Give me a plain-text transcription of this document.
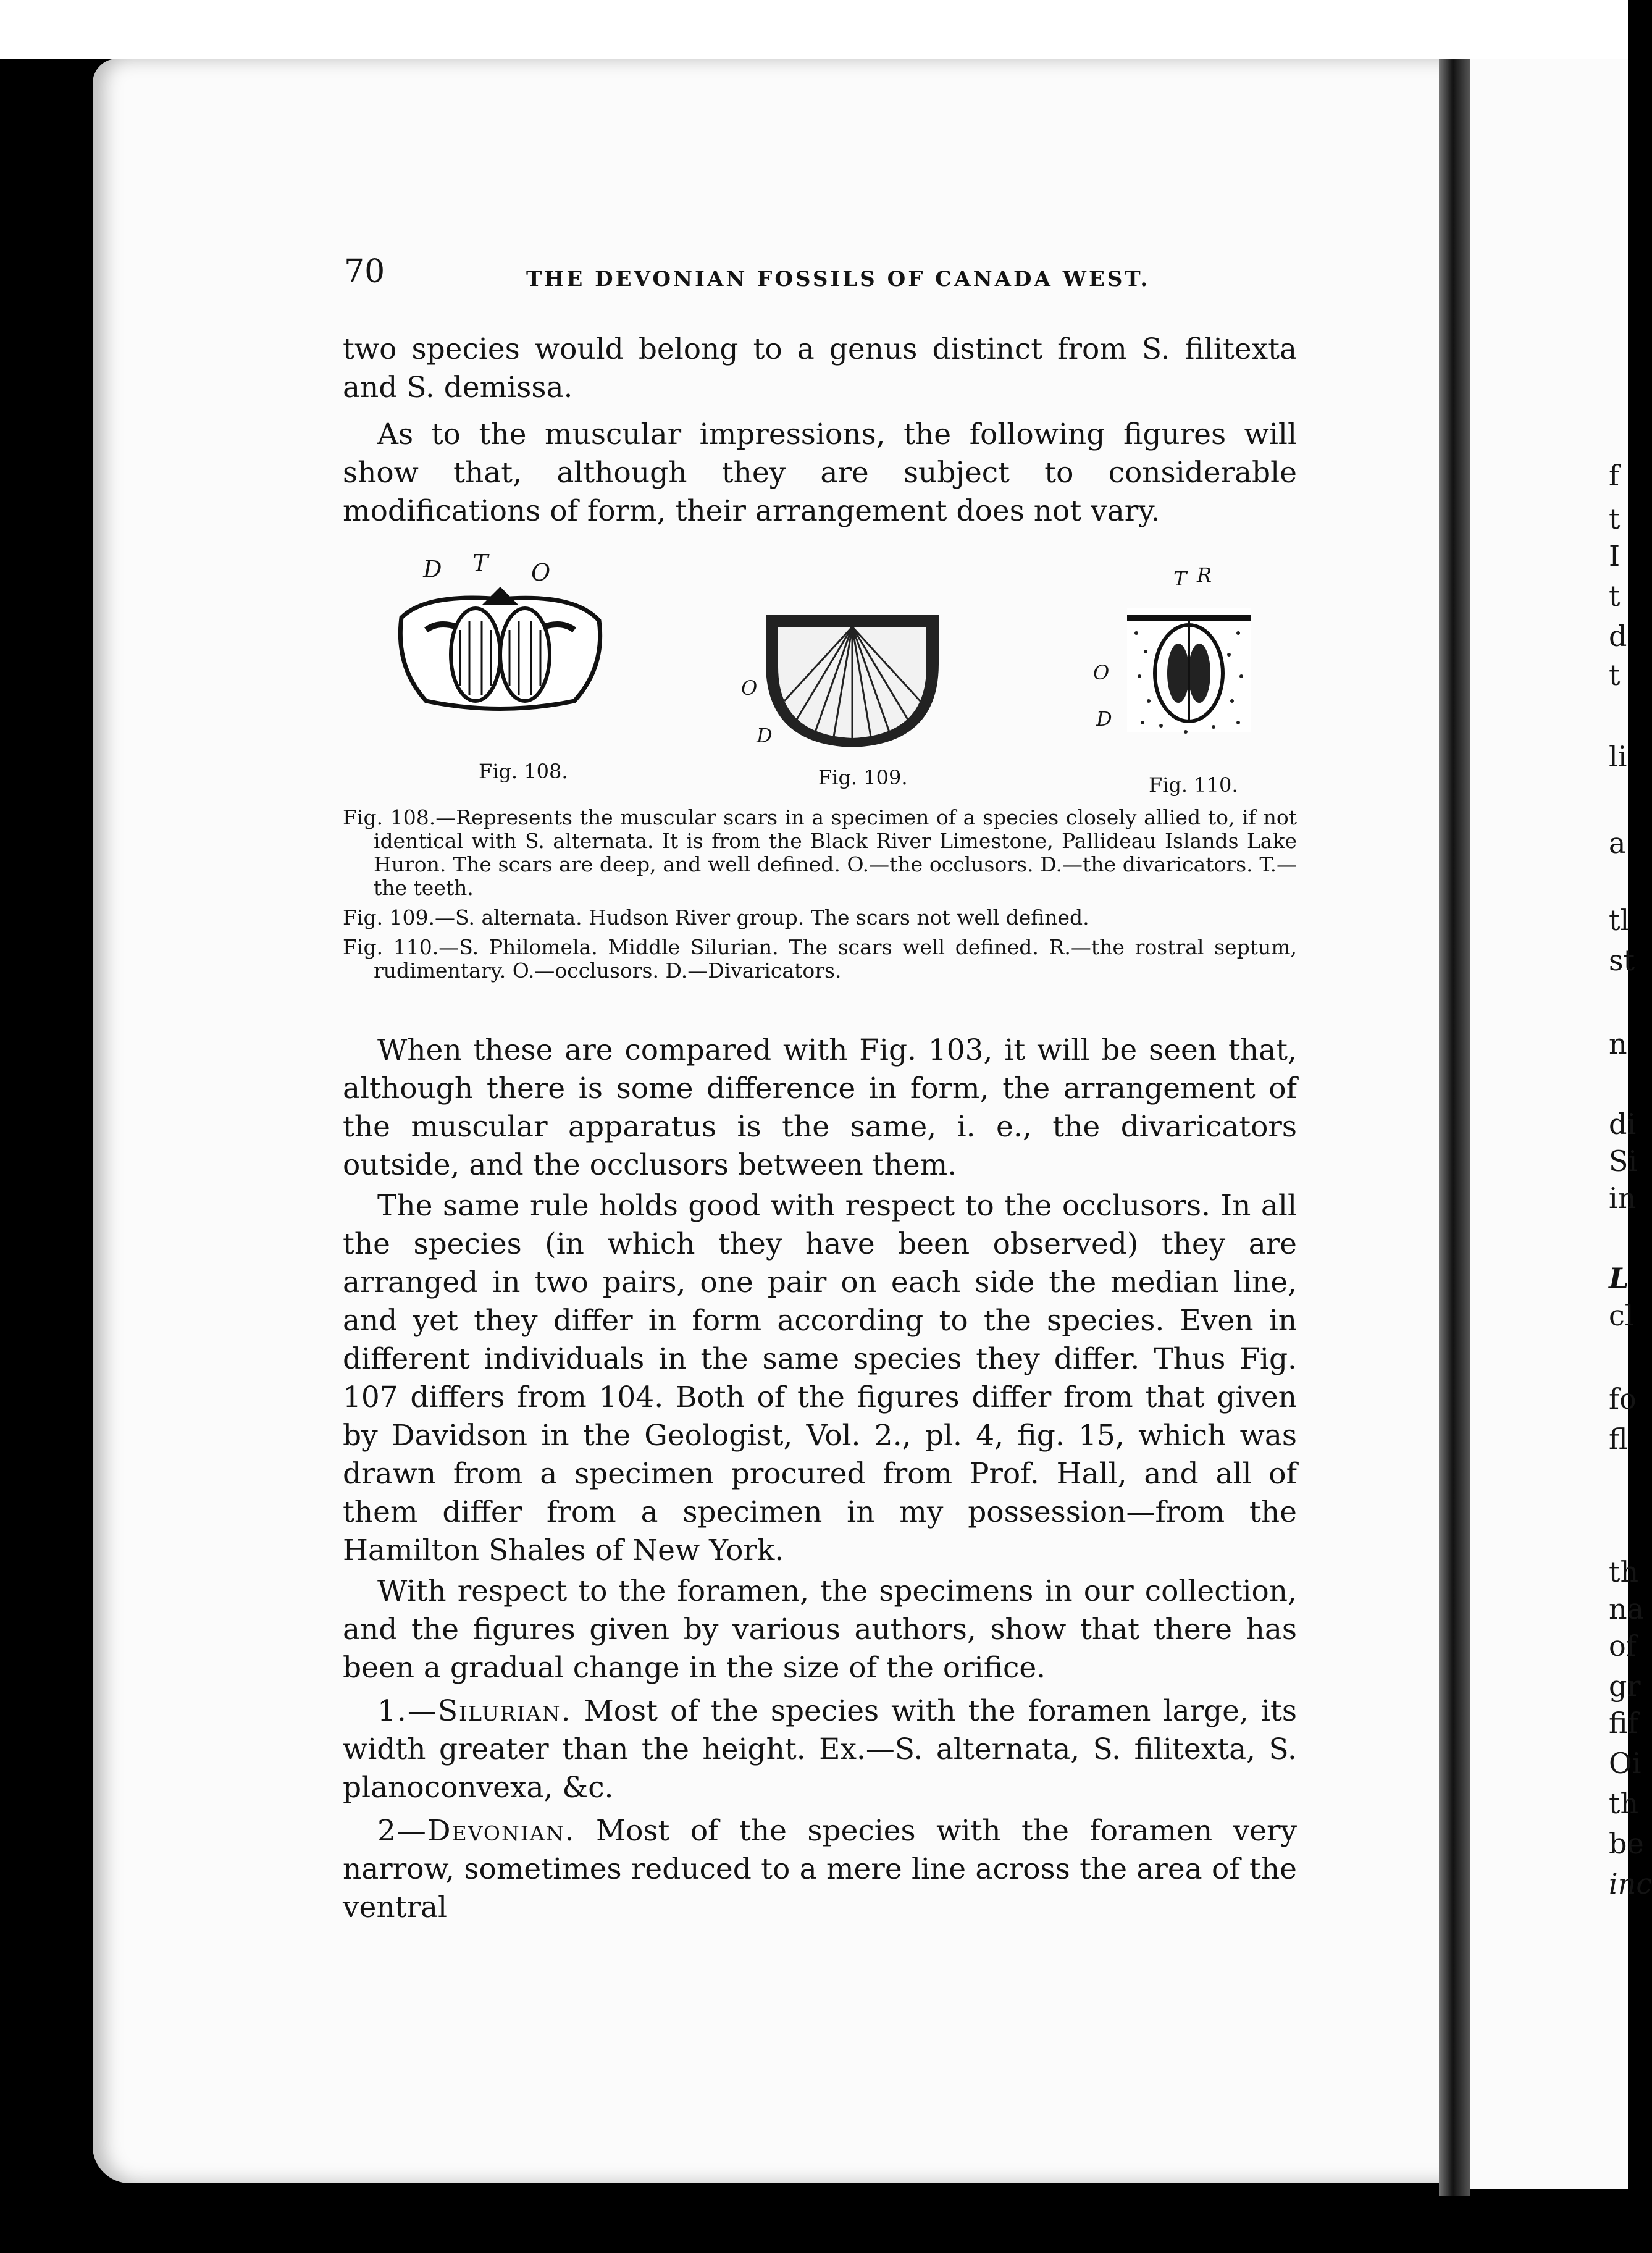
70	THE DEVONIAN FOSSILS OF CANADA WEST.

two species would belong to a genus distinct from S. filitexta and S. demissa.

As to the muscular impressions, the following figures will show that, although they are subject to considerable modifications of form, their arrangement does not vary.

D T O
O
D
T R
O
D
Fig. 108.	Fig. 109.	Fig. 110.

Fig. 108.—Represents the muscular scars in a specimen of a species closely allied to, if not identical with S. alternata. It is from the Black River Limestone, Pallideau Islands Lake Huron. The scars are deep, and well defined. O.—the occlusors. D.—the divaricators. T.—the teeth.

Fig. 109.—S. alternata. Hudson River group. The scars not well defined.

Fig. 110.—S. Philomela. Middle Silurian. The scars well defined. R.—the rostral septum, rudimentary. O.—occlusors. D.—Divaricators.

When these are compared with Fig. 103, it will be seen that, although there is some difference in form, the arrangement of the muscular apparatus is the same, i. e., the divaricators outside, and the occlusors between them.

The same rule holds good with respect to the occlusors. In all the species (in which they have been observed) they are arranged in two pairs, one pair on each side the median line, and yet they differ in form according to the species. Even in different individuals in the same species they differ. Thus Fig. 107 differs from 104. Both of the figures differ from that given by Davidson in the Geologist, Vol. 2., pl. 4, fig. 15, which was drawn from a specimen procured from Prof. Hall, and all of them differ from a specimen in my possession—from the Hamilton Shales of New York.

With respect to the foramen, the specimens in our collection, and the figures given by various authors, show that there has been a gradual change in the size of the orifice.

1.—Silurian. Most of the species with the foramen large, its width greater than the height. Ex.—S. alternata, S. filitexta, S. planoconvexa, &c.

2—Devonian. Most of the species with the foramen very narrow, sometimes reduced to a mere line across the area of the ventral

f
t
I
t
d
t
li
a
tl
st
n
di
Si
in
L
cl
fo
fl
th
na
of
gr
fif
Oi
th
be
inc
